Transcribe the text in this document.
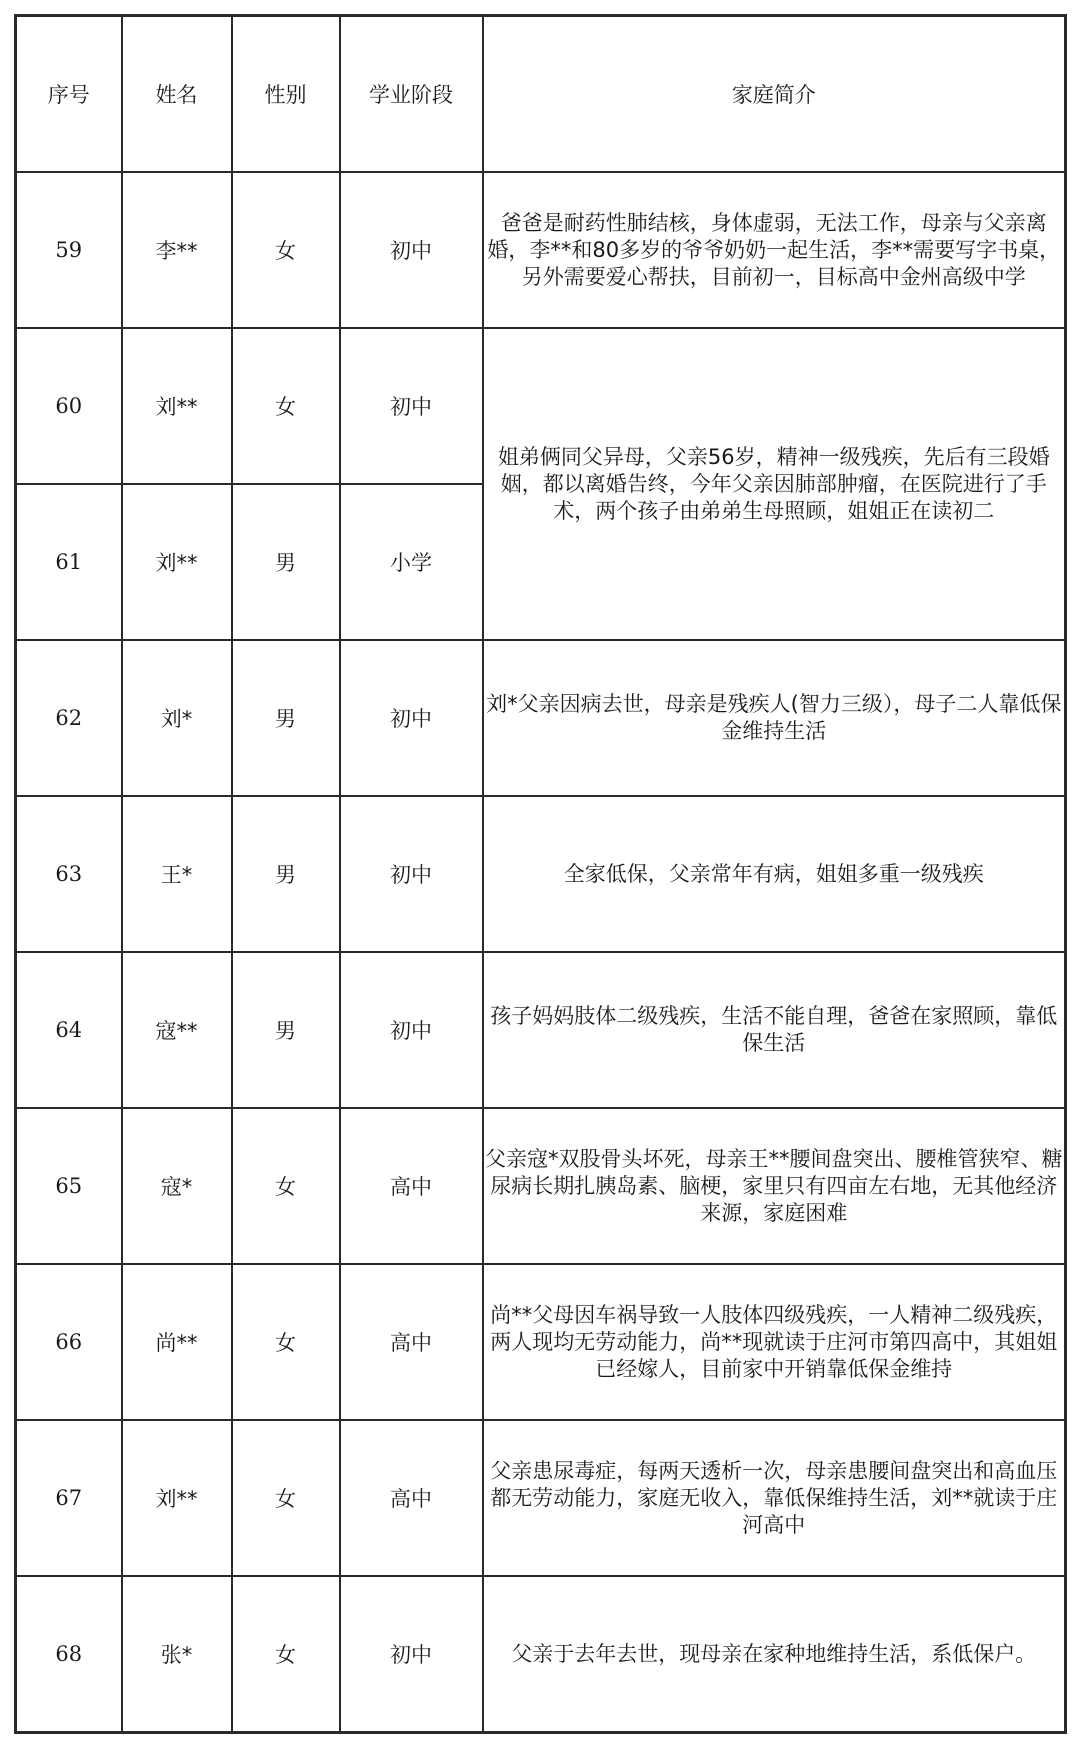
序号	姓名	性别	学业阶段	家庭简介
59	李**	女	初中	爸爸是耐药性肺结核，身体虚弱，无法工作，母亲与父亲离婚，李**和80多岁的爷爷奶奶一起生活，李**需要写字书桌，另外需要爱心帮扶，目前初一，目标高中金州高级中学

60	刘**	女	初中	姐弟俩同父异母，父亲56岁，精神一级残疾，先后有三段婚姻，都以离婚告终，今年父亲因肺部肿瘤，在医院进行了手术，两个孩子由弟弟生母照顾，姐姐正在读初二

61	刘**	男	小学	
62	刘*	男	初中	刘*父亲因病去世，母亲是残疾人(智力三级），母子二人靠低保金维持生活

63	王*	男	初中	全家低保，父亲常年有病，姐姐多重一级残疾

64	寇**	男	初中	孩子妈妈肢体二级残疾，生活不能自理，爸爸在家照顾，靠低保生活

65	寇*	女	高中	父亲寇*双股骨头坏死，母亲王**腰间盘突出、腰椎管狭窄、糖尿病长期扎胰岛素、脑梗，家里只有四亩左右地，无其他经济来源，家庭困难

66	尚**	女	高中	尚**父母因车祸导致一人肢体四级残疾，一人精神二级残疾，两人现均无劳动能力，尚**现就读于庄河市第四高中，其姐姐已经嫁人，目前家中开销靠低保金维持

67	刘**	女	高中	父亲患尿毒症，每两天透析一次，母亲患腰间盘突出和高血压都无劳动能力，家庭无收入，靠低保维持生活，刘**就读于庄河高中

68	张*	女	初中	父亲于去年去世，现母亲在家种地维持生活，系低保户。
